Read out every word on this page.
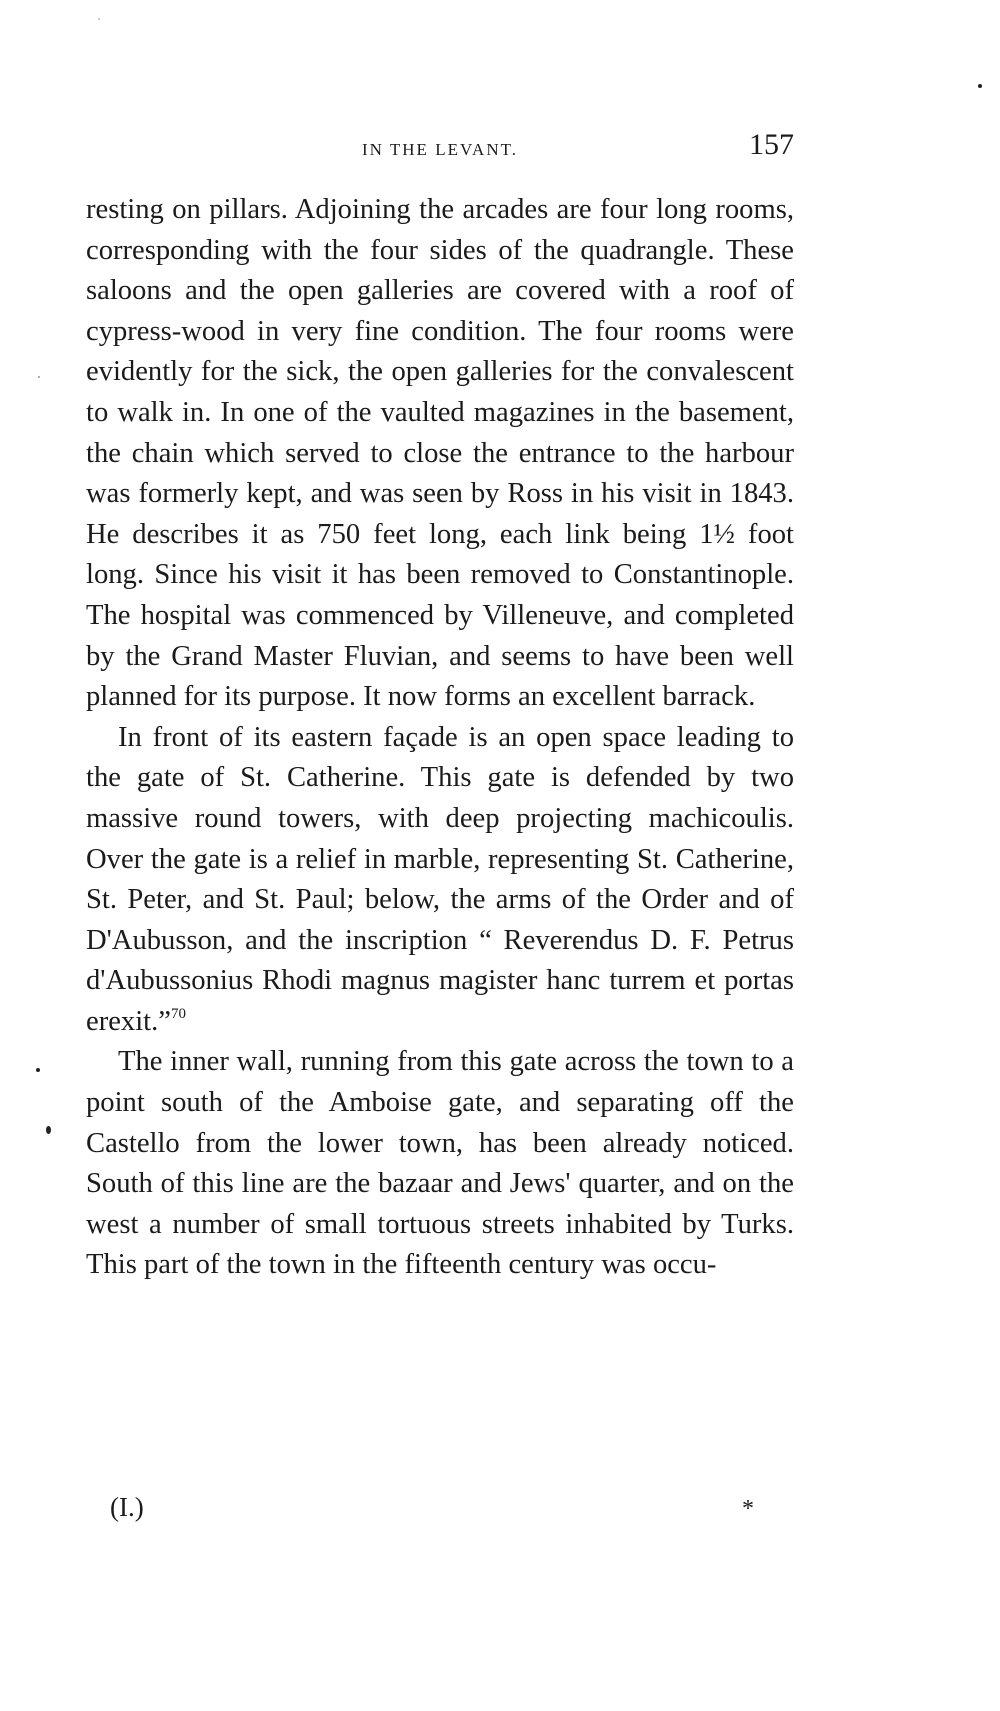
IN THE LEVANT.	157

resting on pillars. Adjoining the arcades are four long rooms, corresponding with the four sides of the quadrangle. These saloons and the open galleries are covered with a roof of cypress-wood in very fine condition. The four rooms were evidently for the sick, the open galleries for the convalescent to walk in. In one of the vaulted magazines in the basement, the chain which served to close the entrance to the harbour was formerly kept, and was seen by Ross in his visit in 1843. He describes it as 750 feet long, each link being 1½ foot long. Since his visit it has been removed to Constantinople. The hospital was commenced by Villeneuve, and completed by the Grand Master Fluvian, and seems to have been well planned for its purpose. It now forms an excellent barrack.

In front of its eastern façade is an open space leading to the gate of St. Catherine. This gate is defended by two massive round towers, with deep projecting machicoulis. Over the gate is a relief in marble, representing St. Catherine, St. Peter, and St. Paul; below, the arms of the Order and of D'Aubusson, and the inscription “ Reverendus D. F. Petrus d'Aubussonius Rhodi magnus magister hanc turrem et portas erexit.”$^{70}$

The inner wall, running from this gate across the town to a point south of the Amboise gate, and separating off the Castello from the lower town, has been already noticed. South of this line are the bazaar and Jews' quarter, and on the west a number of small tortuous streets inhabited by Turks. This part of the town in the fifteenth century was occu-

(I.)	*
